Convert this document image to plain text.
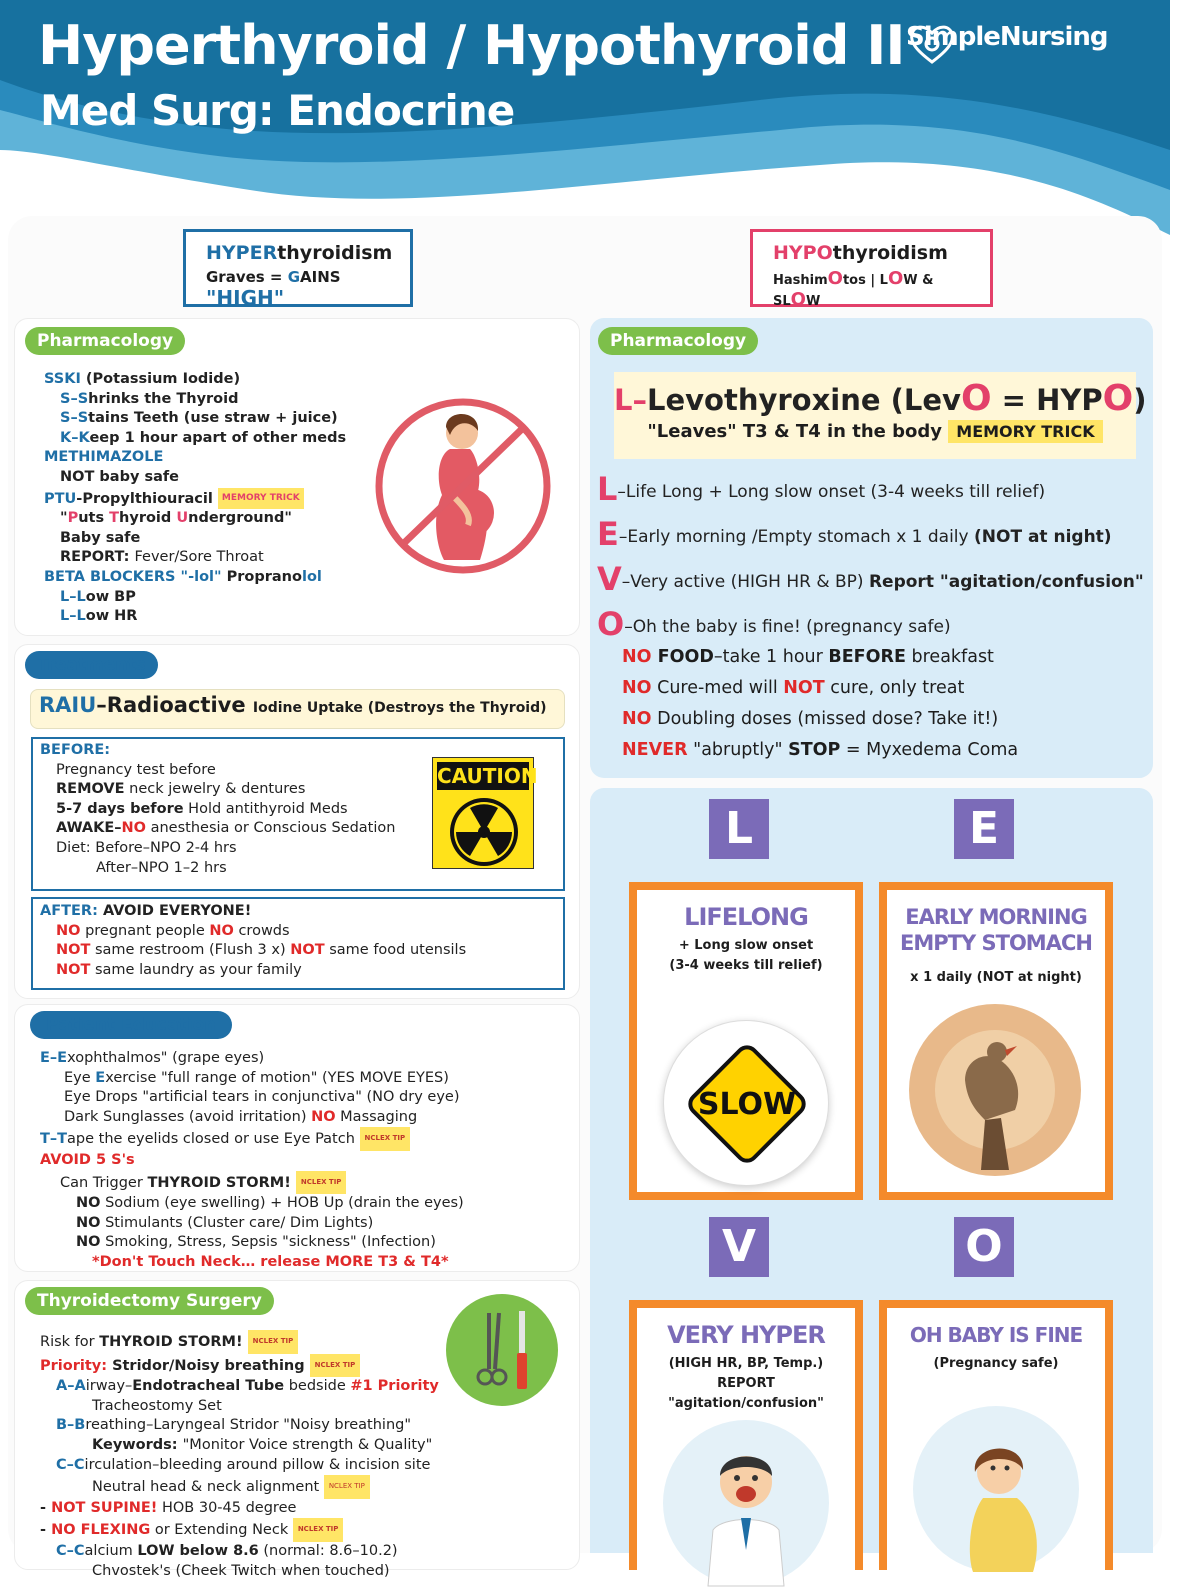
Hyperthyroid / Hypothyroid II
Med Surg: Endocrine
SimpleNursing
HYPERthyroidism
Graves = GAINS "HIGH"
HYPOthyroidism
HashimOtos | LOW & SLOW
Pharmacology
SSKI (Potassium Iodide)
S–Shrinks the Thyroid
S–Stains Teeth (use straw + juice)
K–Keep 1 hour apart of other meds
METHIMAZOLE
NOT baby safe
PTU-Propylthiouracil MEMORY TRICK
"Puts Thyroid Underground"
Baby safe
REPORT: Fever/Sore Throat
BETA BLOCKERS "-lol" Propranolol
L–Low BP
L–Low HR
Treatments
RAIU–Radioactive Iodine Uptake (Destroys the Thyroid)
BEFORE:
Pregnancy test before
REMOVE neck jewelry & dentures
5-7 days before Hold antithyroid Meds
AWAKE–NO anesthesia or Conscious Sedation
Diet: Before–NPO 2-4 hrs
After–NPO 1–2 hrs
CAUTION
AFTER: AVOID EVERYONE!
NO pregnant people NO crowds
NOT same restroom (Flush 3 x) NOT same food utensils
NOT same laundry as your family
Patient Education
E–Exophthalmos" (grape eyes)
Eye Exercise "full range of motion" (YES MOVE EYES)
Eye Drops "artificial tears in conjunctiva" (NO dry eye)
Dark Sunglasses (avoid irritation) NO Massaging
T–Tape the eyelids closed or use Eye Patch NCLEX TIP
AVOID 5 S's
Can Trigger THYROID STORM! NCLEX TIP
NO Sodium (eye swelling) + HOB Up (drain the eyes)
NO Stimulants (Cluster care/ Dim Lights)
NO Smoking, Stress, Sepsis "sickness" (Infection)
*Don't Touch Neck… release MORE T3 & T4*
Thyroidectomy Surgery
Risk for THYROID STORM! NCLEX TIP
Priority: Stridor/Noisy breathing NCLEX TIP
A–Airway–Endotracheal Tube bedside #1 Priority
Tracheostomy Set
B–Breathing–Laryngeal Stridor "Noisy breathing"
Keywords: "Monitor Voice strength & Quality"
C–Circulation–bleeding around pillow & incision site
Neutral head & neck alignment NCLEX TIP
- NOT SUPINE! HOB 30-45 degree
- NO FLEXING or Extending Neck NCLEX TIP
C–Calcium LOW below 8.6 (normal: 8.6–10.2)
Chvostek's (Cheek Twitch when touched)
Pharmacology
L–Levothyroxine (LevO = HYPO)
"Leaves" T3 & T4 in the body MEMORY TRICK
L–Life Long + Long slow onset (3-4 weeks till relief)
E–Early morning /Empty stomach x 1 daily (NOT at night)
V–Very active (HIGH HR & BP) Report "agitation/confusion"
O–Oh the baby is fine! (pregnancy safe)
NO FOOD–take 1 hour BEFORE breakfast
NO Cure-med will NOT cure, only treat
NO Doubling doses (missed dose? Take it!)
NEVER "abruptly" STOP = Myxedema Coma
L	E
LIFELONG
+ Long slow onset
(3-4 weeks till relief)
SLOW
EARLY MORNING
EMPTY STOMACH
x 1 daily (NOT at night)
V	O
VERY HYPER
(HIGH HR, BP, Temp.)
REPORT "agitation/confusion"
OH BABY IS FINE
(Pregnancy safe)
